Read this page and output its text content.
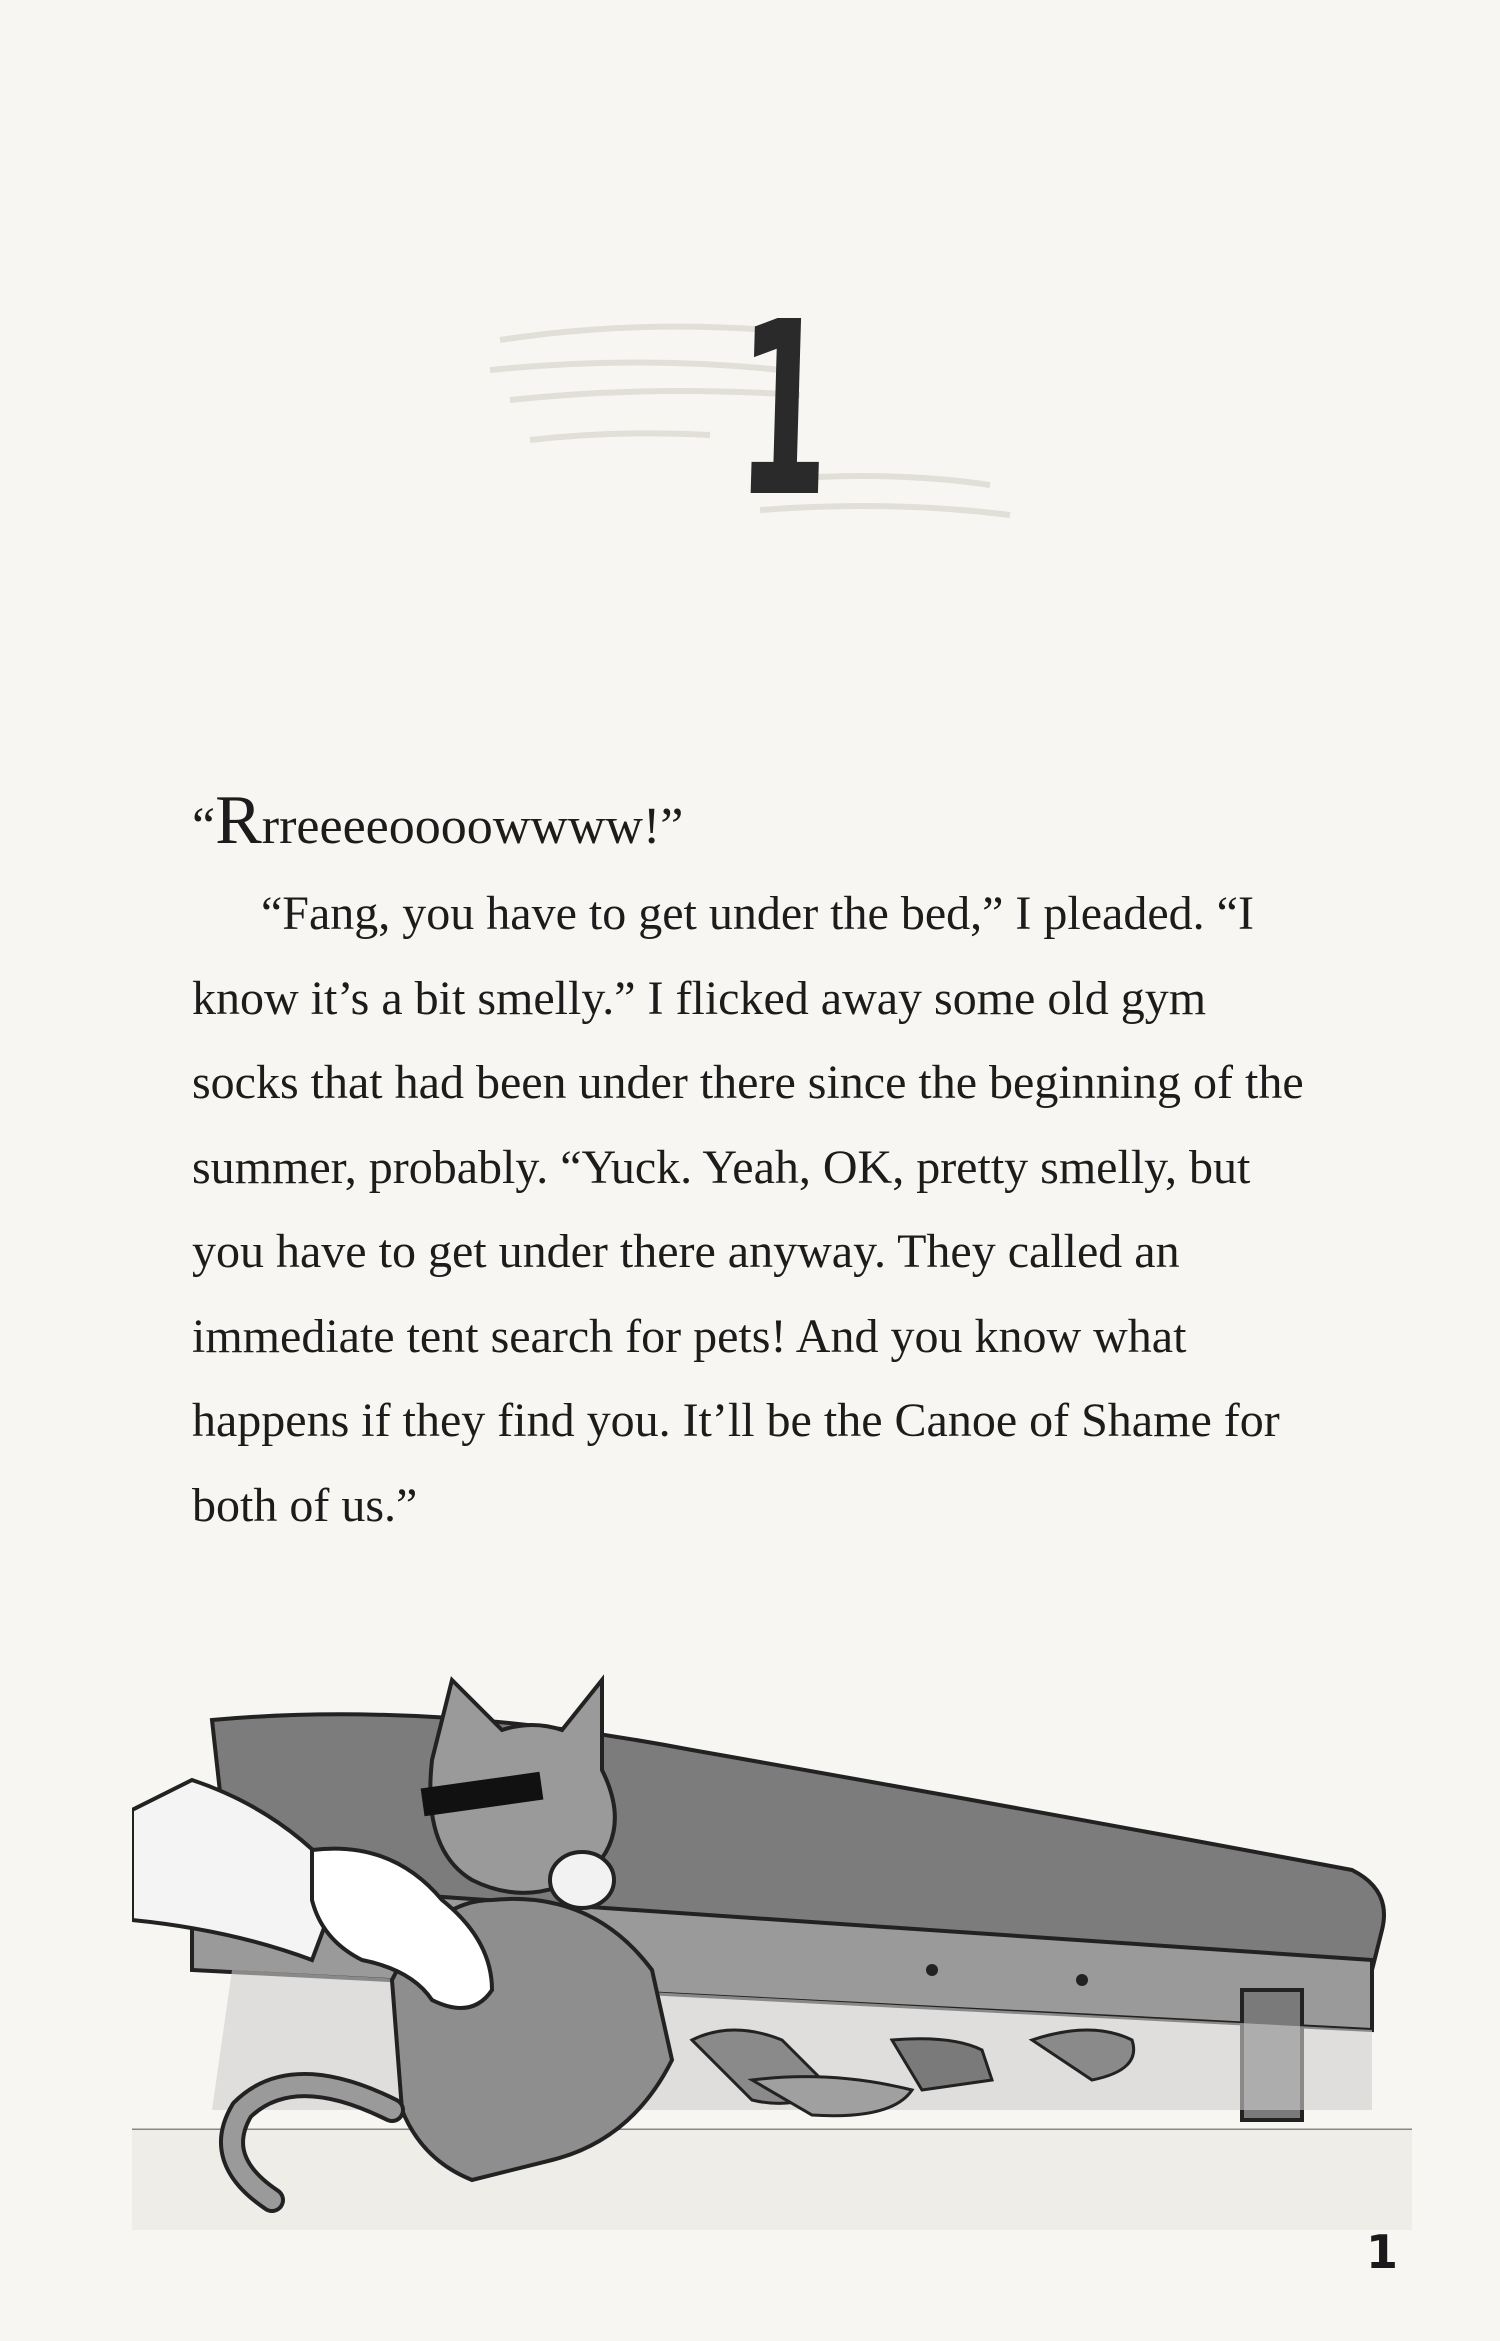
1

“Rrreeeeoooowwww!”

“Fang, you have to get under the bed,” I pleaded. “I know it’s a bit smelly.” I flicked away some old gym socks that had been under there since the beginning of the summer, probably. “Yuck. Yeah, OK, pretty smelly, but you have to get under there anyway. They called an immediate tent search for pets! And you know what happens if they find you. It’ll be the Canoe of Shame for both of us.”

1
